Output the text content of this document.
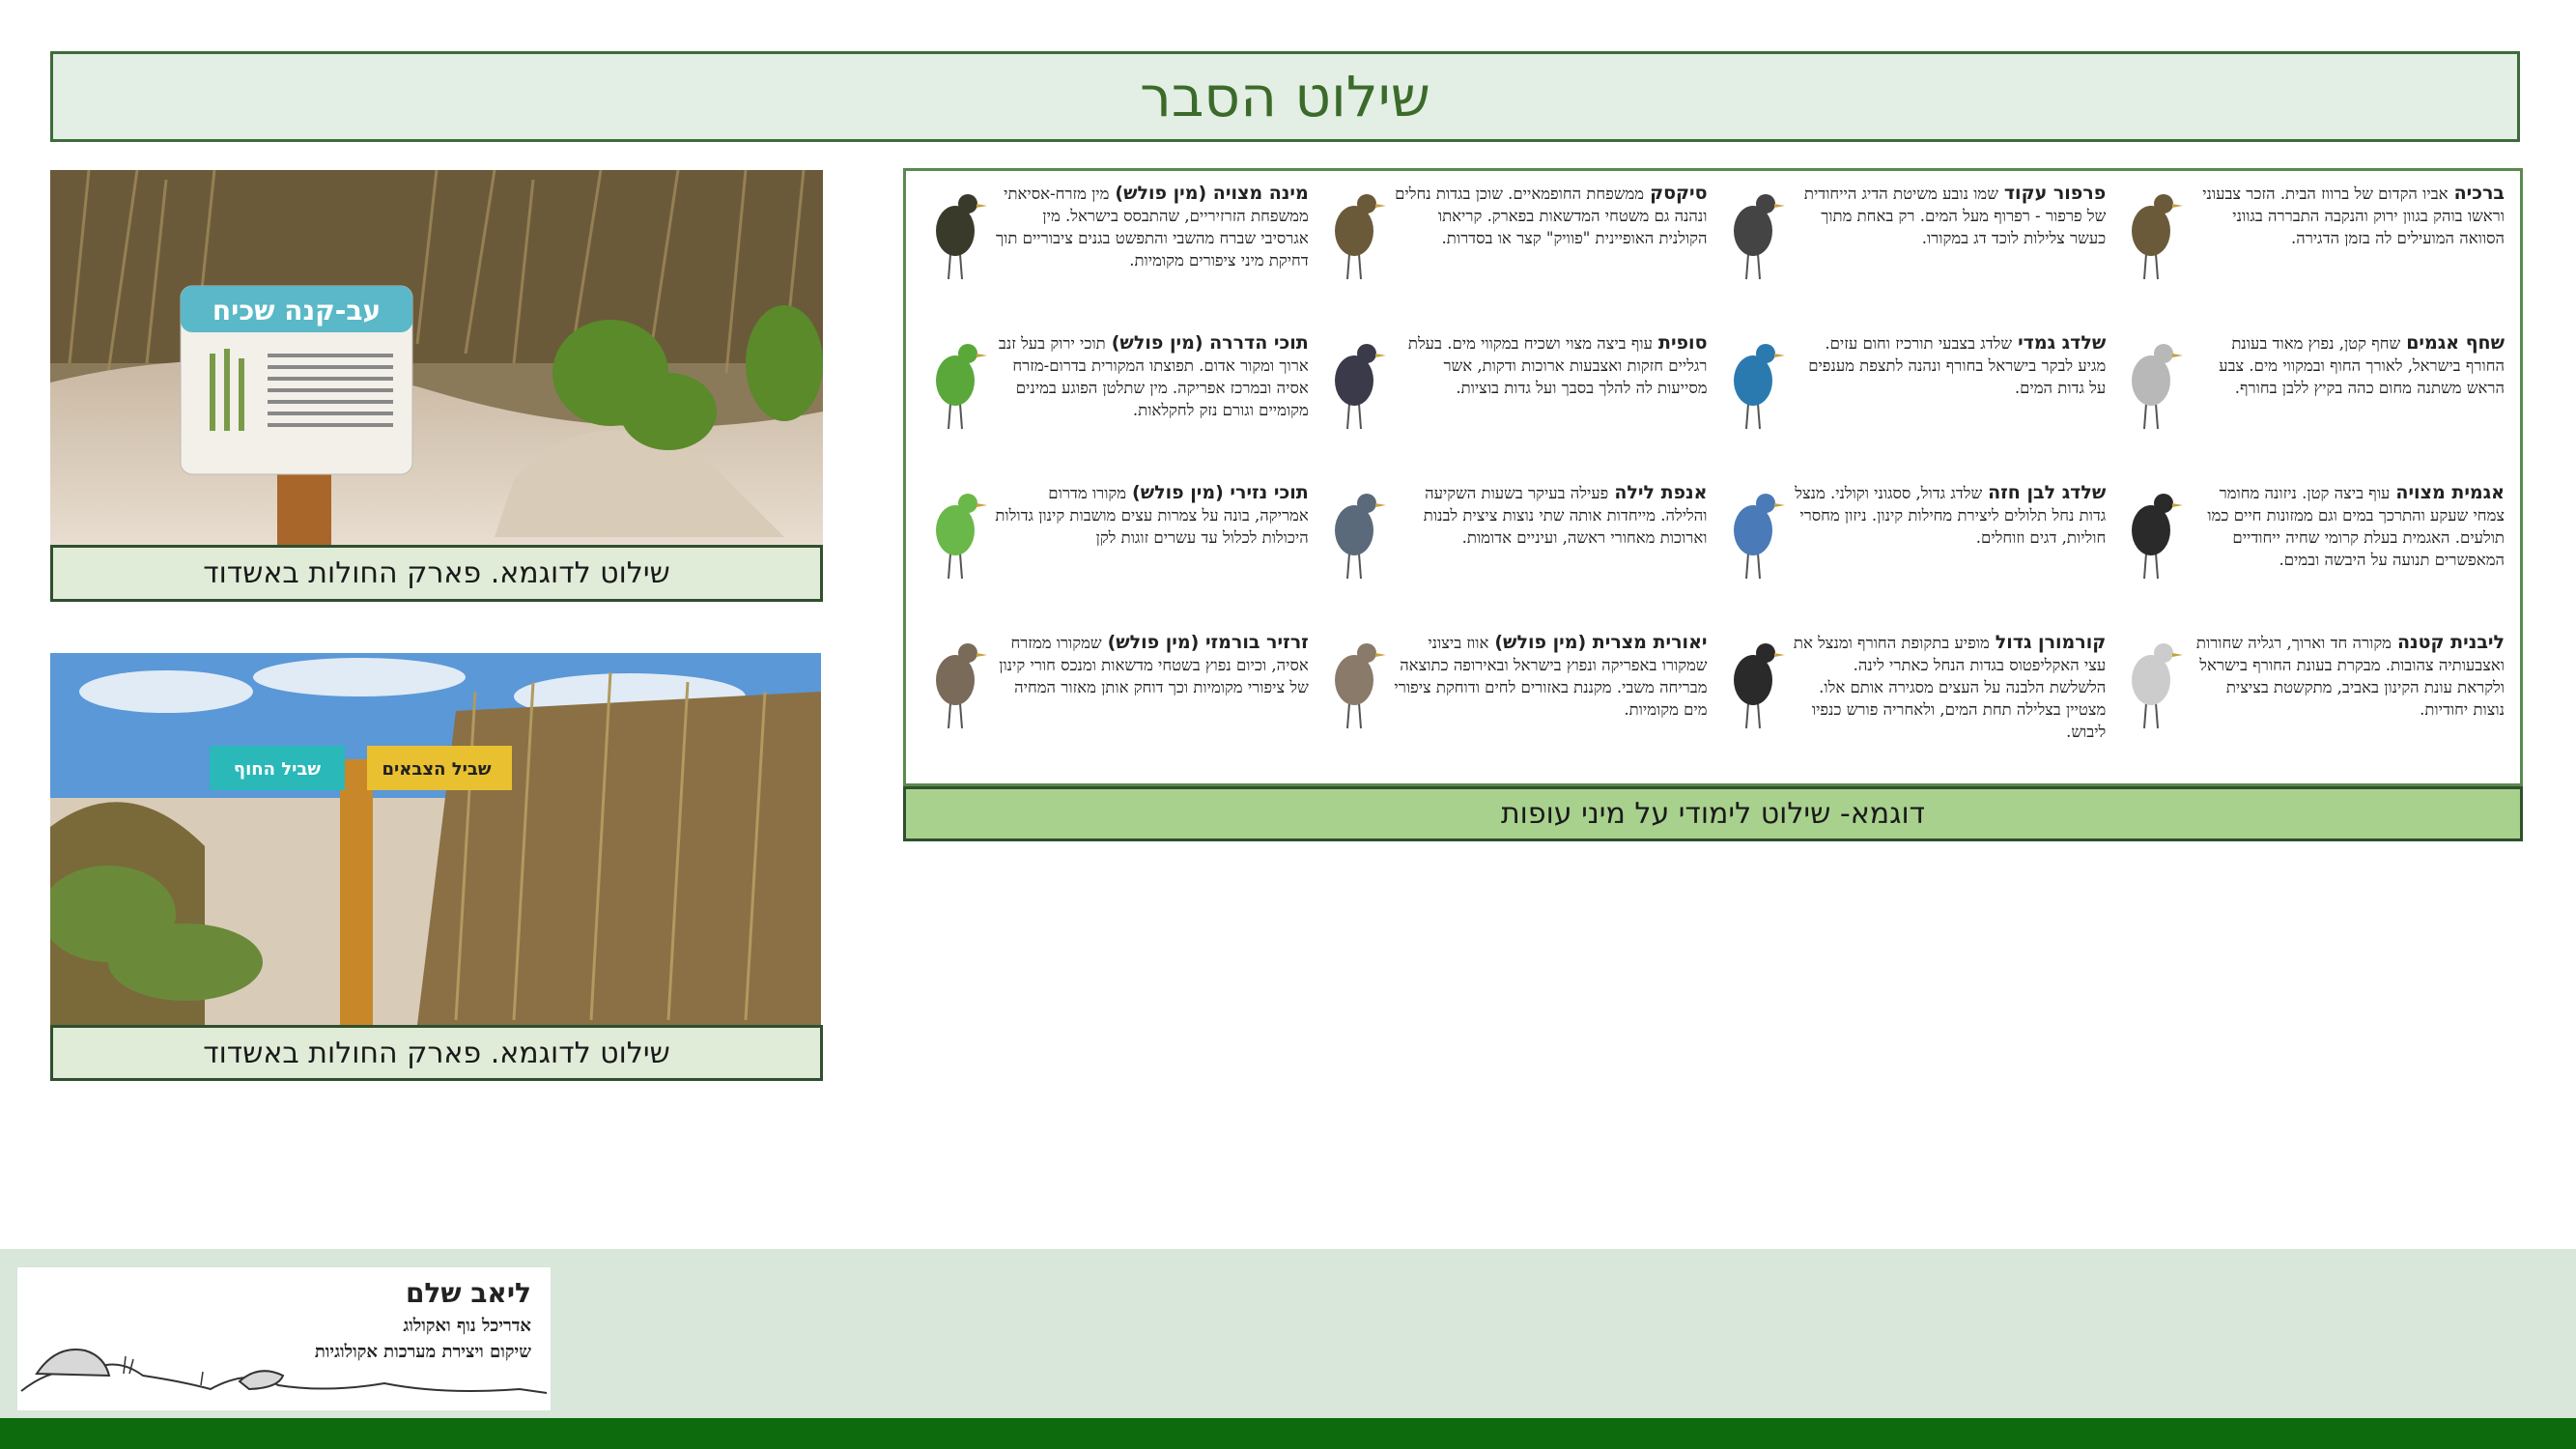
שילוט הסבר
עב-קנה שכיח
שילוט לדוגמא. פארק החולות באשדוד
שביל החוף	שביל הצבאים
שילוט לדוגמא. פארק החולות באשדוד
ברכיהאביו הקדום של ברווז הבית. הזכר צבעוני וראשו בוהק בגוון ירוק והנקבה התבררה בגווני הסוואה המועילים לה בזמן הדגירה.
פרפור עקודשמו נובע משיטת הדיג הייחודית של פרפור - רפרוף מעל המים. רק באחת מתוך כעשר צלילות לוכד דג במקורו.
סיקסקממשפחת החופמאיים. שוכן בגדות נחלים ונהנה גם משטחי המדשאות בפארק. קריאתו הקולנית האופיינית "פוויק" קצר או בסדרות.
מינה מצויה (מין פולש)מין מזרח-אסיאתי ממשפחת הזרזיריים, שהתבסס בישראל. מין אגרסיבי שברח מהשבי והתפשט בגנים ציבוריים תוך דחיקת מיני ציפורים מקומיות.
שחף אגמיםשחף קטן, נפוץ מאוד בעונת החורף בישראל, לאורך החוף ובמקווי מים. צבע הראש משתנה מחום כהה בקיץ ללבן בחורף.
שלדג גמדישלדג בצבעי תורכיז וחום עזים. מגיע לבקר בישראל בחורף ונהנה לתצפת מענפים על גדות המים.
סופיתעוף ביצה מצוי ושכיח במקווי מים. בעלת רגליים חזקות ואצבעות ארוכות ודקות, אשר מסייעות לה להלך בסבך ועל גדות בוציות.
תוכי הדררה (מין פולש)תוכי ירוק בעל זנב ארוך ומקור אדום. תפוצתו המקורית בדרום-מזרח אסיה ובמרכז אפריקה. מין שתלטן הפוגע במינים מקומיים וגורם נזק לחקלאות.
אגמית מצויהעוף ביצה קטן. ניזונה מחומר צמחי שעקע והתרכך במים וגם ממזונות חיים כמו תולעים. האגמית בעלת קרומי שחיה ייחודיים המאפשרים תנועה על היבשה ובמים.
שלדג לבן חזהשלדג גדול, ססגוני וקולני. מנצל גדות נחל תלולים ליצירת מחילות קינון. ניזון מחסרי חוליות, דגים וזוחלים.
אנפת לילהפעילה בעיקר בשעות השקיעה והלילה. מייחדות אותה שתי נוצות ציצית לבנות וארוכות מאחורי ראשה, ועיניים אדומות.
תוכי נזירי (מין פולש)מקורו מדרום אמריקה, בונה על צמרות עצים מושבות קינון גדולות היכולות לכלול עד עשרים זוגות לקן
ליבנית קטנהמקורה חד וארוך, רגליה שחורות ואצבעותיה צהובות. מבקרת בעונת החורף בישראל ולקראת עונת הקינון באביב, מתקשטת בציצית נוצות יחודיות.
קורמורן גדולמופיע בתקופת החורף ומנצל את עצי האקליפטוס בגדות הנחל כאתרי לינה. הלשלשת הלבנה על העצים מסגירה אותם אלו. מצטיין בצלילה תחת המים, ולאחריה פורש כנפיו ליבוש.
יאורית מצרית (מין פולש)אווז ביצוני שמקורו באפריקה ונפוץ בישראל ובאירופה כתוצאה מבריחה משבי. מקננת באזורים לחים ודוחקת ציפורי מים מקומיות.
זרזיר בורמזי (מין פולש)שמקורו ממזרח אסיה, וכיום נפוץ בשטחי מדשאות ומנכס חורי קינון של ציפורי מקומיות וכך דוחק אותן מאזור המחיה
דוגמא- שילוט לימודי על מיני עופות
ליאב שלם
אדריכל נוף ואקולוג
שיקום ויצירת מערכות אקולוגיות
